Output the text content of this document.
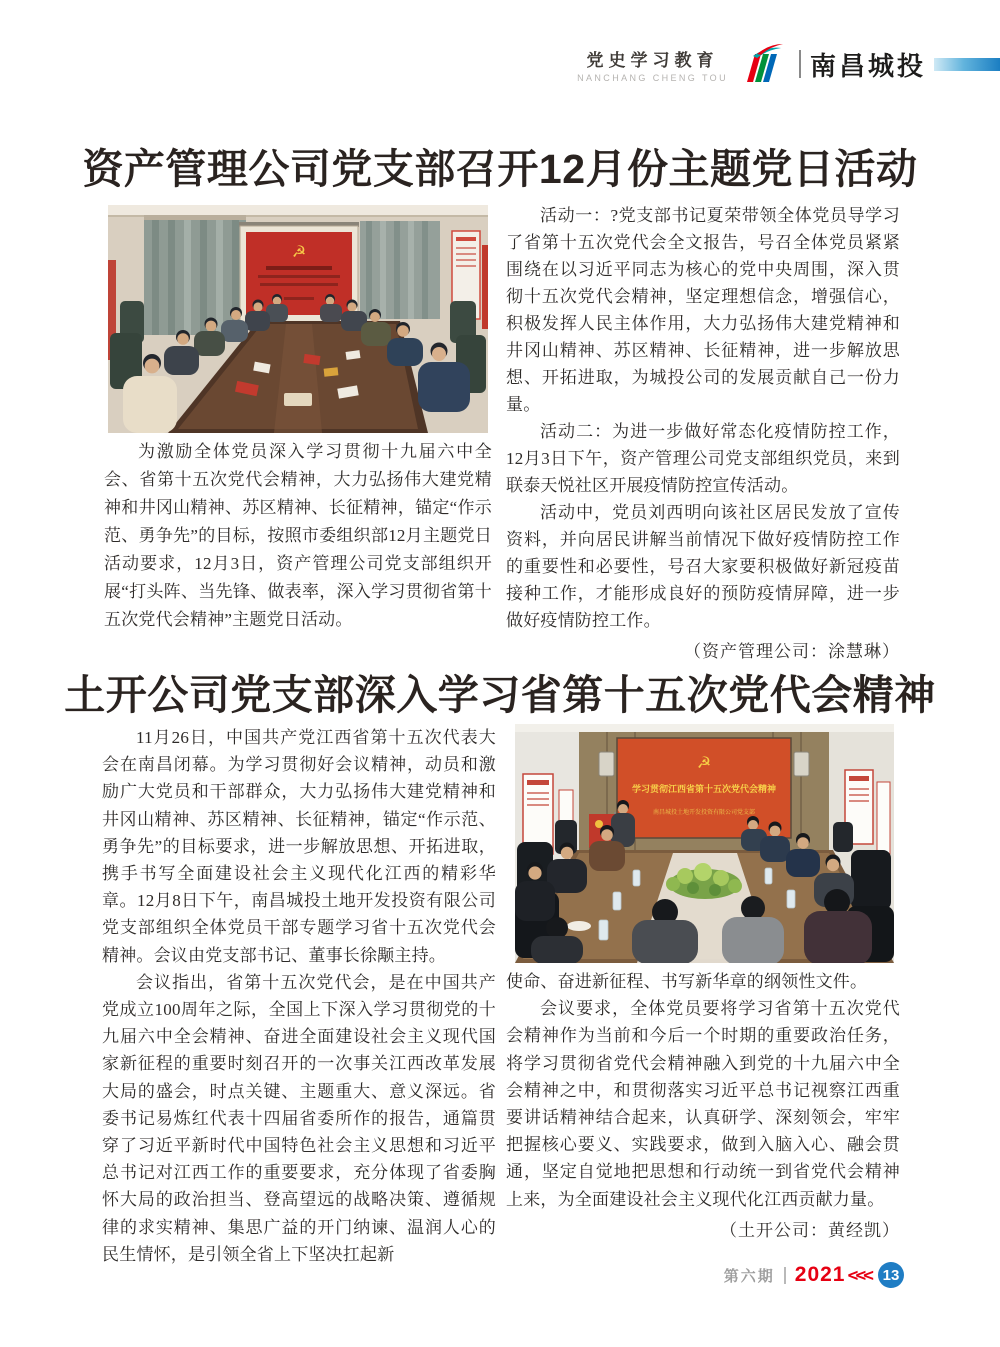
党史学习教育
NANCHANG CHENG TOU	南昌城投
资产管理公司党支部召开12月份主题党日活动
☭

为激励全体党员深入学习贯彻十九届六中全会、省第十五次党代会精神，大力弘扬伟大建党精神和井冈山精神、苏区精神、长征精神，锚定“作示范、勇争先”的目标，按照市委组织部12月主题党日活动要求，12月3日，资产管理公司党支部组织开展“打头阵、当先锋、做表率，深入学习贯彻省第十五次党代会精神”主题党日活动。

活动一：?党支部书记夏荣带领全体党员导学习了省第十五次党代会全文报告，号召全体党员紧紧围绕在以习近平同志为核心的党中央周围，深入贯彻十五次党代会精神，坚定理想信念，增强信心，积极发挥人民主体作用，大力弘扬伟大建党精神和井冈山精神、苏区精神、长征精神，进一步解放思想、开拓进取，为城投公司的发展贡献自己一份力量。

活动二：为进一步做好常态化疫情防控工作，12月3日下午，资产管理公司党支部组织党员，来到联泰天悦社区开展疫情防控宣传活动。

活动中，党员刘西明向该社区居民发放了宣传资料，并向居民讲解当前情况下做好疫情防控工作的重要性和必要性，号召大家要积极做好新冠疫苗接种工作，才能形成良好的预防疫情屏障，进一步做好疫情防控工作。

（资产管理公司：涂慧琳）

土开公司党支部深入学习省第十五次党代会精神

11月26日，中国共产党江西省第十五次代表大会在南昌闭幕。为学习贯彻好会议精神，动员和激励广大党员和干部群众，大力弘扬伟大建党精神和井冈山精神、苏区精神、长征精神，锚定“作示范、勇争先”的目标要求，进一步解放思想、开拓进取，携手书写全面建设社会主义现代化江西的精彩华章。12月8日下午，南昌城投土地开发投资有限公司党支部组织全体党员干部专题学习省十五次党代会精神。会议由党支部书记、董事长徐颙主持。

会议指出，省第十五次党代会，是在中国共产党成立100周年之际，全国上下深入学习贯彻党的十九届六中全会精神、奋进全面建设社会主义现代国家新征程的重要时刻召开的一次事关江西改革发展大局的盛会，时点关键、主题重大、意义深远。省委书记易炼红代表十四届省委所作的报告，通篇贯穿了习近平新时代中国特色社会主义思想和习近平总书记对江西工作的重要要求，充分体现了省委胸怀大局的政治担当、登高望远的战略决策、遵循规律的求实精神、集思广益的开门纳谏、温润人心的民生情怀，是引领全省上下坚决扛起新

☭
学习贯彻江西省第十五次党代会精神
南昌城投土地开发投资有限公司党支部

使命、奋进新征程、书写新华章的纲领性文件。

会议要求，全体党员要将学习省第十五次党代会精神作为当前和今后一个时期的重要政治任务，将学习贯彻省党代会精神融入到党的十九届六中全会精神之中，和贯彻落实习近平总书记视察江西重要讲话精神结合起来，认真研学、深刻领会，牢牢把握核心要义、实践要求，做到入脑入心、融会贯通，坚定自觉地把思想和行动统一到省党代会精神上来，为全面建设社会主义现代化江西贡献力量。

（土开公司：黄经凯）

第六期 2021 <<< 13
